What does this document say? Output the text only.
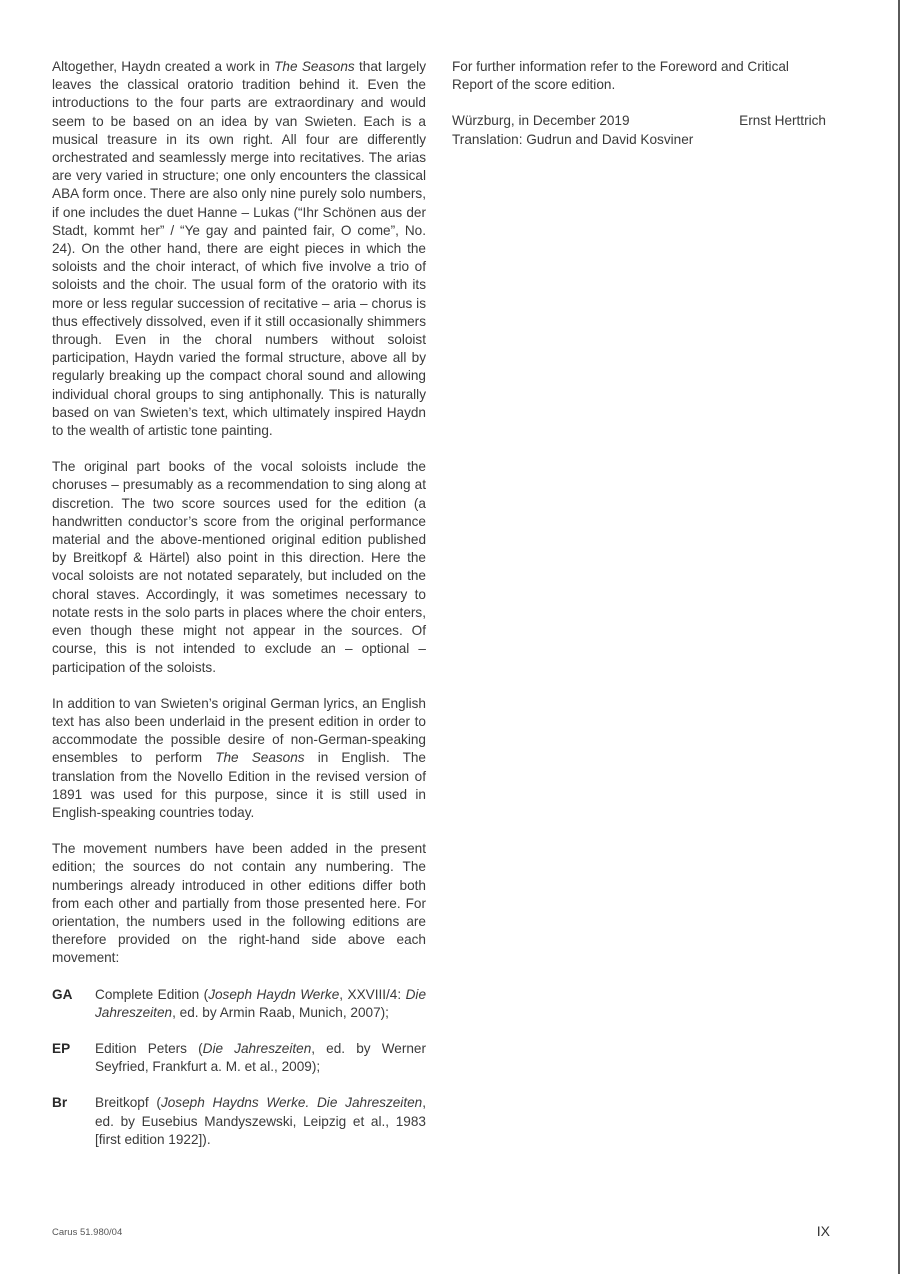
Altogether, Haydn created a work in The Seasons that largely leaves the classical oratorio tradition behind it. Even the introductions to the four parts are extraordinary and would seem to be based on an idea by van Swieten. Each is a musical treasure in its own right. All four are differently orchestrated and seamlessly merge into recitatives. The arias are very varied in structure; one only encounters the classical ABA form once. There are also only nine purely solo numbers, if one includes the duet Hanne – Lukas (“Ihr Schönen aus der Stadt, kommt her” / “Ye gay and painted fair, O come”, No. 24). On the other hand, there are eight pieces in which the soloists and the choir interact, of which five involve a trio of soloists and the choir. The usual form of the oratorio with its more or less regular succession of recitative – aria – chorus is thus effectively dissolved, even if it still occasionally shimmers through. Even in the choral numbers without soloist participation, Haydn varied the formal structure, above all by regularly breaking up the compact choral sound and allowing individual choral groups to sing antiphonally. This is naturally based on van Swieten’s text, which ultimately inspired Haydn to the wealth of artistic tone painting.

The original part books of the vocal soloists include the choruses – presumably as a recommendation to sing along at discretion. The two score sources used for the edition (a handwritten conductor’s score from the original performance material and the above-mentioned original edition published by Breitkopf & Härtel) also point in this direction. Here the vocal soloists are not notated separately, but included on the choral staves. Accordingly, it was sometimes necessary to notate rests in the solo parts in places where the choir enters, even though these might not appear in the sources. Of course, this is not intended to exclude an – optional – participation of the soloists.

In addition to van Swieten’s original German lyrics, an English text has also been underlaid in the present edition in order to accommodate the possible desire of non-German-speaking ensembles to perform The Seasons in English. The translation from the Novello Edition in the revised version of 1891 was used for this purpose, since it is still used in English-speaking countries today.

The movement numbers have been added in the present edition; the sources do not contain any numbering. The numberings already introduced in other editions differ both from each other and partially from those presented here. For orientation, the numbers used in the following editions are therefore provided on the right-hand side above each movement:

GA	Complete Edition (Joseph Haydn Werke, XXVIII/4: Die Jahreszeiten, ed. by Armin Raab, Munich, 2007);
EP	Edition Peters (Die Jahreszeiten, ed. by Werner Seyfried, Frankfurt a. M. et al., 2009);
Br	Breitkopf (Joseph Haydns Werke. Die Jahreszeiten, ed. by Eusebius Mandyszewski, Leipzig et al., 1983 [first edition 1922]).

For further information refer to the Foreword and Critical Report of the score edition.

Würzburg, in December 2019	Ernst Herttrich
Translation: Gudrun and David Kosviner
Carus 51.980/04	IX
